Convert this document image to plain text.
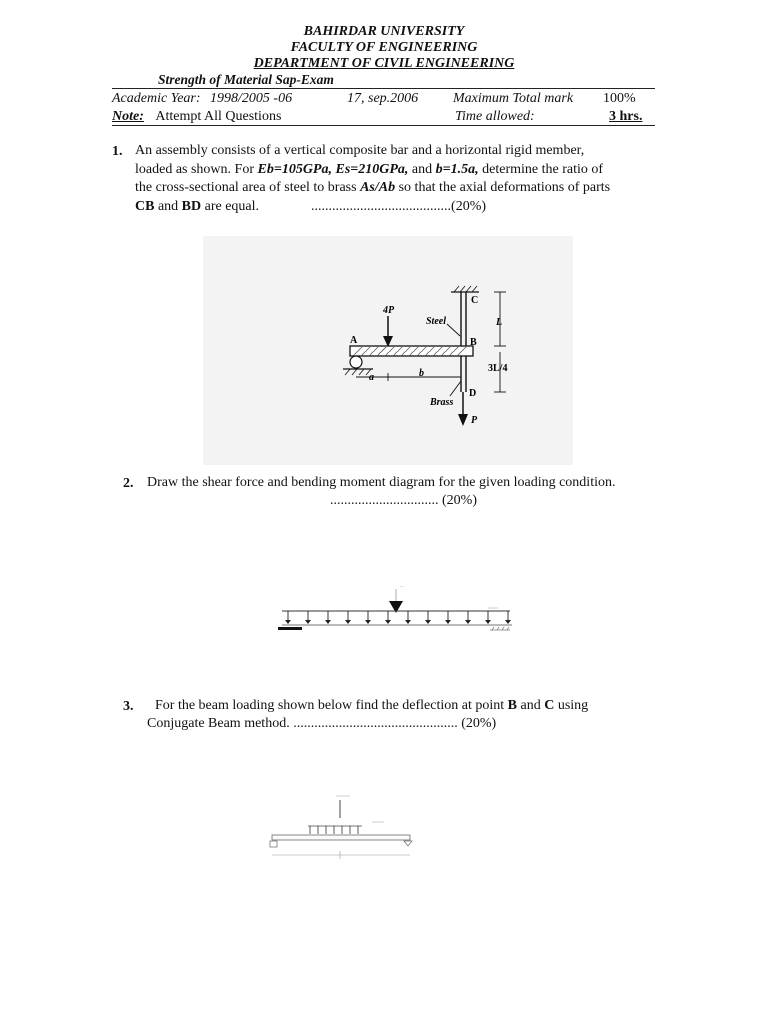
BAHIRDAR UNIVERSITY
FACULTY OF ENGINEERING
DEPARTMENT OF CIVIL ENGINEERING
Strength of Material Sap-Exam
Academic Year: 1998/2005 -06	17, sep.2006 Maximum Total mark 100%
Note: Attempt All Questions	Time allowed:	3 hrs.
1. An assembly consists of a vertical composite bar and a horizontal rigid member,
loaded as shown. For Eb=105GPa, Es=210GPa, and b=1.5a, determine the ratio of
the cross-sectional area of steel to brass As/Ab so that the axial deformations of parts
CB and BD are equal.	........................................(20%)
4P
Steel
C
A	B
D
Brass
P
L
3L/4
a	b
2. Draw the shear force and bending moment diagram for the given loading condition.
............................... (20%)
—
3. For the beam loading shown below find the deflection at point B and C using
Conjugate Beam method. ............................................... (20%)
